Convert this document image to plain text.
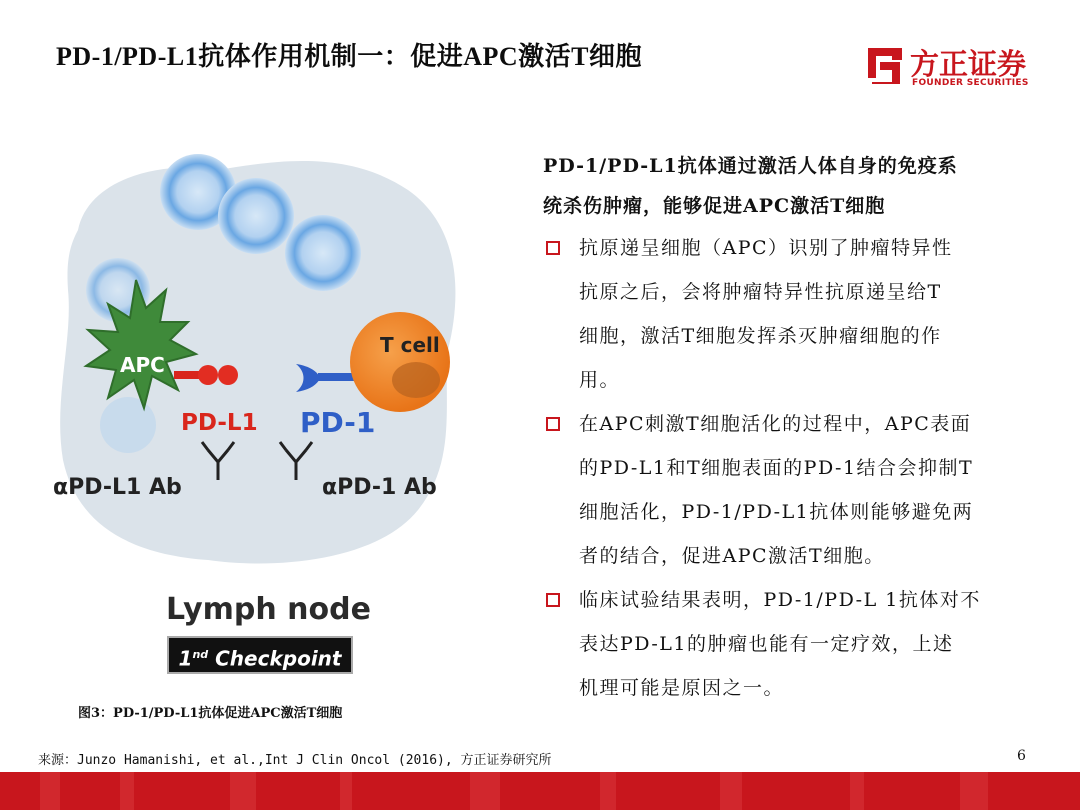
PD-1/PD-L1抗体作用机制一：促进APC激活T细胞	方正证券
FOUNDER SECURITIES
APC
T cell
PD-L1 PD-1
αPD-L1 Ab	αPD-1 Ab
Lymph node
1nd Checkpoint
图3：PD-1/PD-L1抗体促进APC激活T细胞
PD-1/PD-L1抗体通过激活人体自身的免疫系
统杀伤肿瘤，能够促进APC激活T细胞
抗原递呈细胞（APC）识别了肿瘤特异性
抗原之后，会将肿瘤特异性抗原递呈给T
细胞，激活T细胞发挥杀灭肿瘤细胞的作
用。
在APC刺激T细胞活化的过程中，APC表面
的PD-L1和T细胞表面的PD-1结合会抑制T
细胞活化，PD-1/PD-L1抗体则能够避免两
者的结合，促进APC激活T细胞。
临床试验结果表明，PD-1/PD-L 1抗体对不
表达PD-L1的肿瘤也能有一定疗效，上述
机理可能是原因之一。
来源：Junzo Hamanishi, et al.,Int J Clin Oncol (2016), 方正证券研究所	6
